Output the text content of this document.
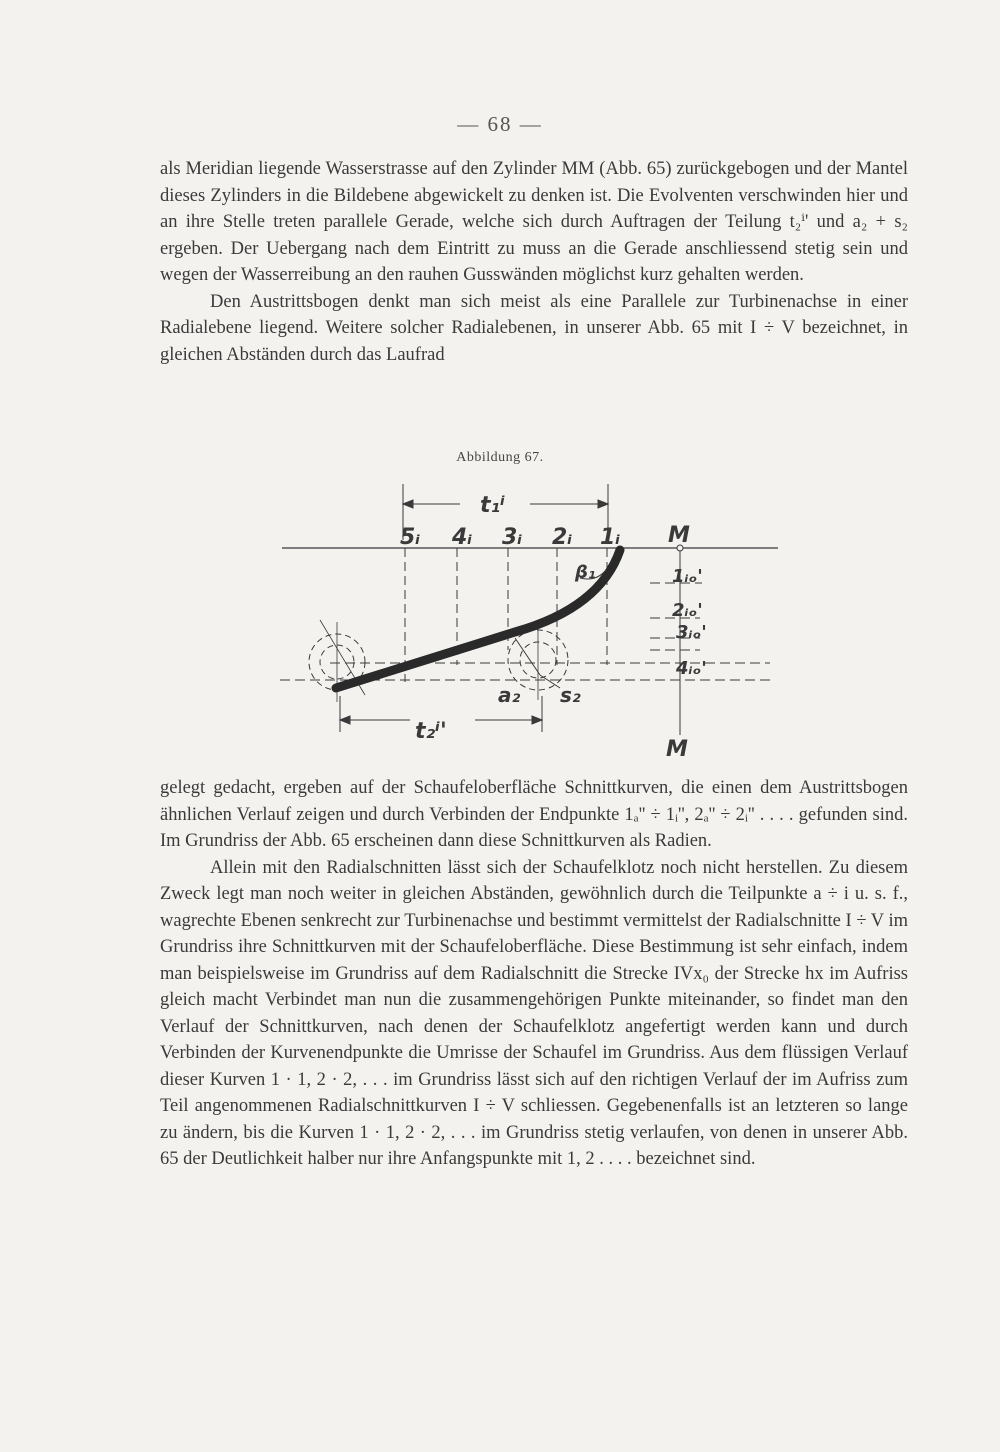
— 68 —

als Meridian liegende Wasserstrasse auf den Zylinder MM (Abb. 65) zurückgebogen und der Mantel dieses Zylinders in die Bildebene abgewickelt zu denken ist. Die Evolventen verschwinden hier und an ihre Stelle treten parallele Gerade, welche sich durch Auftragen der Teilung t₂ⁱ' und a₂ + s₂ ergeben. Der Uebergang nach dem Eintritt zu muss an die Gerade anschliessend stetig sein und wegen der Wasserreibung an den rauhen Gusswänden möglichst kurz gehalten werden.

Den Austrittsbogen denkt man sich meist als eine Parallele zur Turbinenachse in einer Radialebene liegend. Weitere solcher Radialebenen, in unserer Abb. 65 mit I ÷ V bezeichnet, in gleichen Abständen durch das Laufrad

Abbildung 67.
t₁ⁱ
5ᵢ 4ᵢ 3ᵢ 2ᵢ 1ᵢ M
β₁	1ᵢₒ'
2ᵢₒ'
3ᵢₒ'
4ᵢₒ'
a₂ s₂
t₂ⁱ'
M

gelegt gedacht, ergeben auf der Schaufeloberfläche Schnittkurven, die einen dem Austrittsbogen ähnlichen Verlauf zeigen und durch Verbinden der Endpunkte 1ₐ'' ÷ 1ᵢ'', 2ₐ'' ÷ 2ᵢ'' . . . . gefunden sind. Im Grundriss der Abb. 65 erscheinen dann diese Schnittkurven als Radien.

Allein mit den Radialschnitten lässt sich der Schaufelklotz noch nicht herstellen. Zu diesem Zweck legt man noch weiter in gleichen Abständen, gewöhnlich durch die Teilpunkte a ÷ i u. s. f., wagrechte Ebenen senkrecht zur Turbinenachse und bestimmt vermittelst der Radialschnitte I ÷ V im Grundriss ihre Schnittkurven mit der Schaufeloberfläche. Diese Bestimmung ist sehr einfach, indem man beispielsweise im Grundriss auf dem Radialschnitt die Strecke IVx₀ der Strecke hx im Aufriss gleich macht Verbindet man nun die zusammengehörigen Punkte miteinander, so findet man den Verlauf der Schnittkurven, nach denen der Schaufelklotz angefertigt werden kann und durch Verbinden der Kurvenendpunkte die Umrisse der Schaufel im Grundriss. Aus dem flüssigen Verlauf dieser Kurven 1 · 1, 2 · 2, . . . im Grundriss lässt sich auf den richtigen Verlauf der im Aufriss zum Teil angenommenen Radialschnittkurven I ÷ V schliessen. Gegebenenfalls ist an letzteren so lange zu ändern, bis die Kurven 1 · 1, 2 · 2, . . . im Grundriss stetig verlaufen, von denen in unserer Abb. 65 der Deutlichkeit halber nur ihre Anfangspunkte mit 1, 2 . . . . bezeichnet sind.
